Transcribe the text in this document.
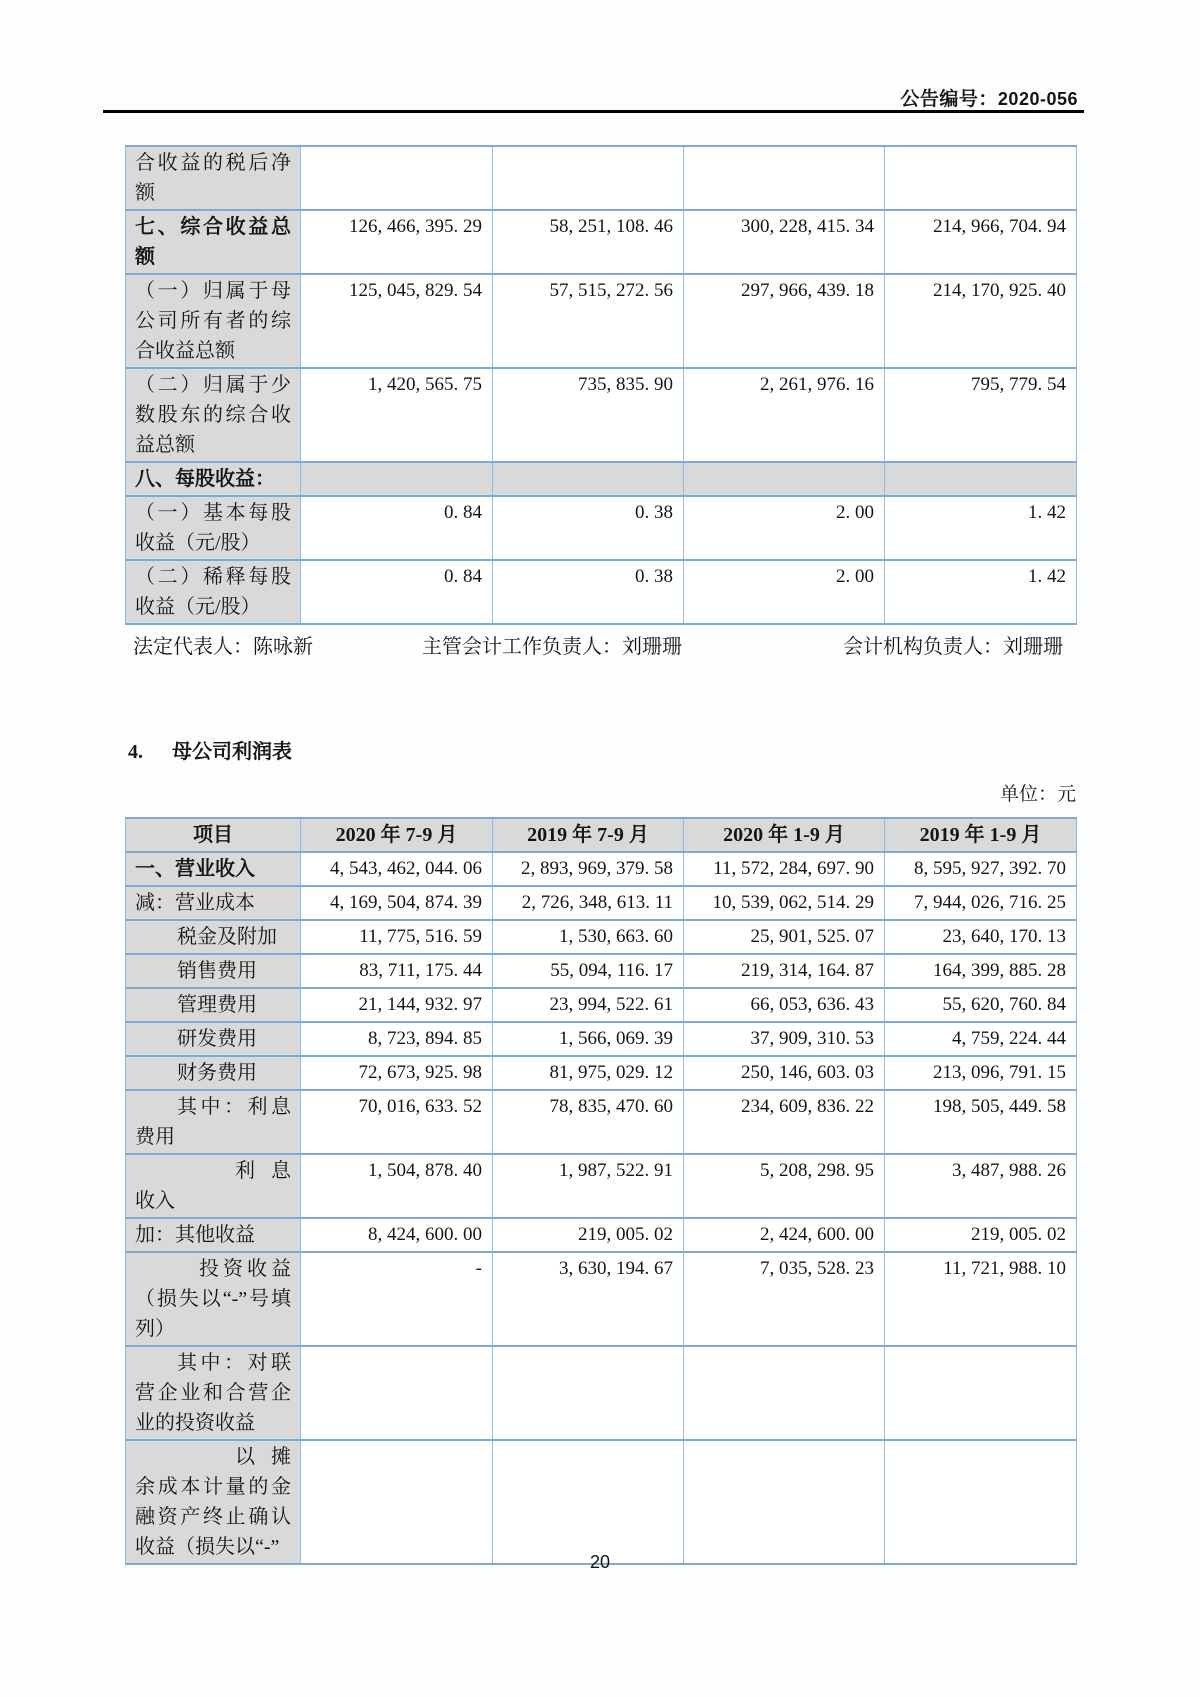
公告编号：2020-056
合收益的税后净额				
七、综合收益总额	126, 466, 395. 29	58, 251, 108. 46	300, 228, 415. 34	214, 966, 704. 94
（一）归属于母公司所有者的综合收益总额	125, 045, 829. 54	57, 515, 272. 56	297, 966, 439. 18	214, 170, 925. 40
（二）归属于少数股东的综合收益总额	1, 420, 565. 75	735, 835. 90	2, 261, 976. 16	795, 779. 54
八、每股收益：				
（一）基本每股收益（元/股）	0. 84	0. 38	2. 00	1. 42
（二）稀释每股收益（元/股）	0. 84	0. 38	2. 00	1. 42
法定代表人：陈咏新	主管会计工作负责人：刘珊珊	会计机构负责人：刘珊珊
4. 母公司利润表
单位：元
项目	2020 年 7-9 月	2019 年 7-9 月	2020 年 1-9 月	2019 年 1-9 月
一、营业收入	4, 543, 462, 044. 06	2, 893, 969, 379. 58	11, 572, 284, 697. 90	8, 595, 927, 392. 70
减：营业成本	4, 169, 504, 874. 39	2, 726, 348, 613. 11	10, 539, 062, 514. 29	7, 944, 026, 716. 25
税金及附加	11, 775, 516. 59	1, 530, 663. 60	25, 901, 525. 07	23, 640, 170. 13
销售费用	83, 711, 175. 44	55, 094, 116. 17	219, 314, 164. 87	164, 399, 885. 28
管理费用	21, 144, 932. 97	23, 994, 522. 61	66, 053, 636. 43	55, 620, 760. 84
研发费用	8, 723, 894. 85	1, 566, 069. 39	37, 909, 310. 53	4, 759, 224. 44
财务费用	72, 673, 925. 98	81, 975, 029. 12	250, 146, 603. 03	213, 096, 791. 15
其中：利息费用	70, 016, 633. 52	78, 835, 470. 60	234, 609, 836. 22	198, 505, 449. 58
利息收入	1, 504, 878. 40	1, 987, 522. 91	5, 208, 298. 95	3, 487, 988. 26
加：其他收益	8, 424, 600. 00	219, 005. 02	2, 424, 600. 00	219, 005. 02
投资收益（损失以“-”号填列）	-	3, 630, 194. 67	7, 035, 528. 23	11, 721, 988. 10
其中：对联营企业和合营企业的投资收益				
以摊余成本计量的金融资产终止确认收益（损失以“-”				
20
